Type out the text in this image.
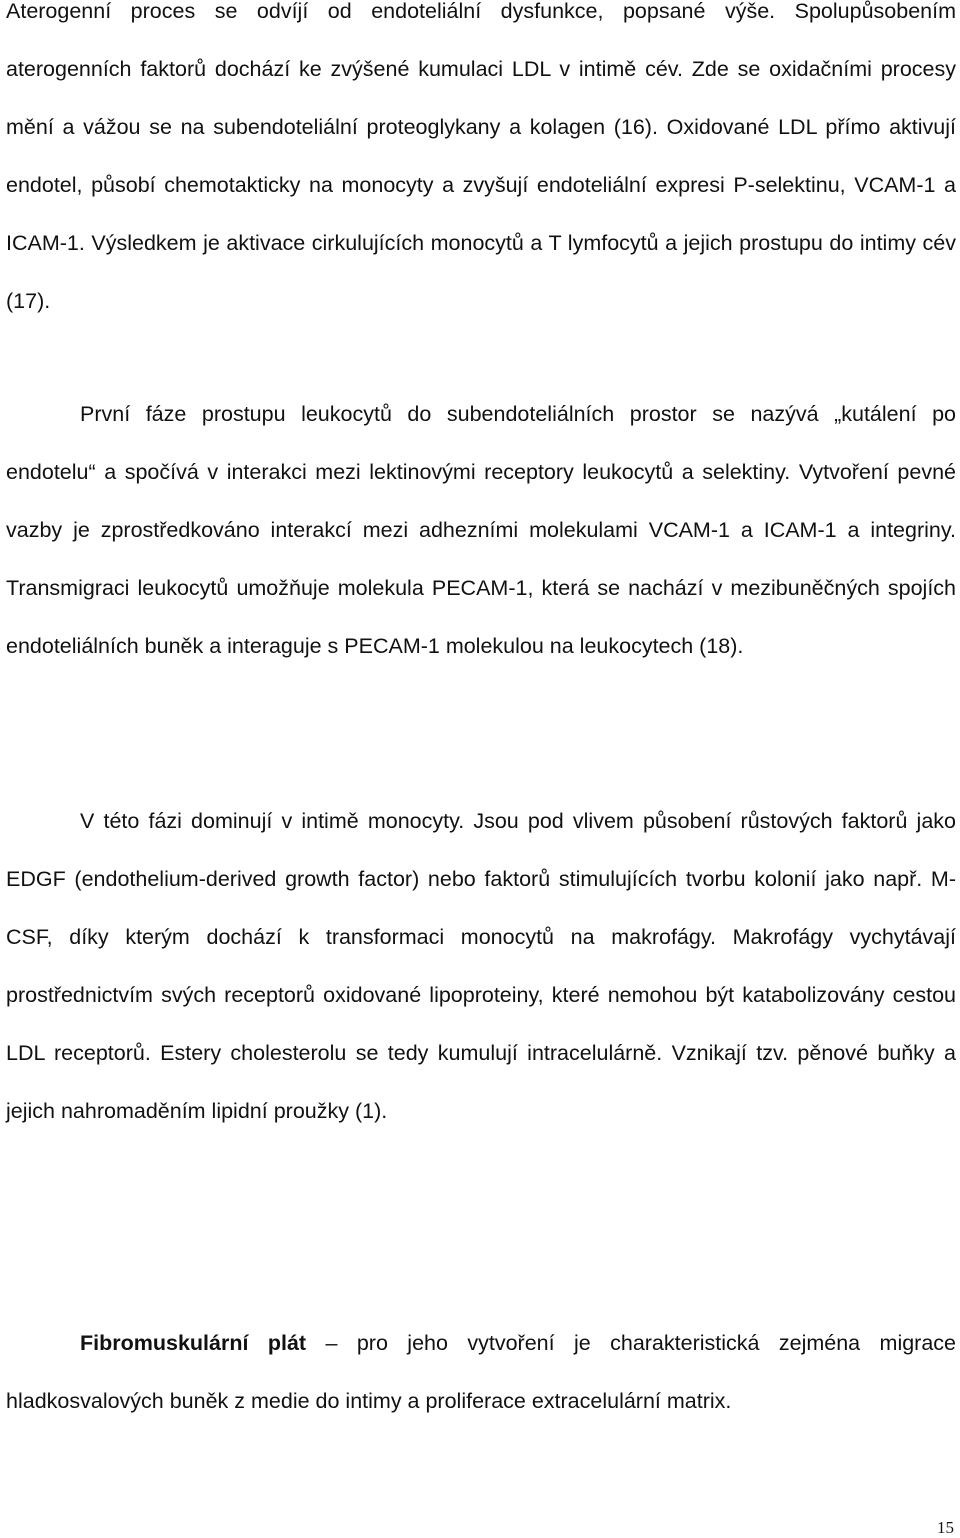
Aterogenní proces se odvíjí od endoteliální dysfunkce, popsané výše. Spolupůsobením aterogenních faktorů dochází ke zvýšené kumulaci LDL v intimě cév. Zde se oxidačními procesy mění a vážou se na subendoteliální proteoglykany a kolagen (16). Oxidované LDL přímo aktivují endotel, působí chemotakticky na monocyty a zvyšují endoteliální expresi P-selektinu, VCAM-1 a ICAM-1. Výsledkem je aktivace cirkulujících monocytů a T lymfocytů a jejich prostupu do intimy cév (17).

První fáze prostupu leukocytů do subendoteliálních prostor se nazývá „kutálení po endotelu“ a spočívá v interakci mezi lektinovými receptory leukocytů a selektiny. Vytvoření pevné vazby je zprostředkováno interakcí mezi adhezními molekulami VCAM-1 a ICAM-1 a integriny. Transmigraci leukocytů umožňuje molekula PECAM-1, která se nachází v mezibuněčných spojích endoteliálních buněk a interaguje s PECAM-1 molekulou na leukocytech (18).

V této fázi dominují v intimě monocyty. Jsou pod vlivem působení růstových faktorů jako EDGF (endothelium-derived growth factor) nebo faktorů stimulujících tvorbu kolonií jako např. M-CSF, díky kterým dochází k transformaci monocytů na makrofágy. Makrofágy vychytávají prostřednictvím svých receptorů oxidované lipoproteiny, které nemohou být katabolizovány cestou LDL receptorů. Estery cholesterolu se tedy kumulují intracelulárně. Vznikají tzv. pěnové buňky a jejich nahromaděním lipidní proužky (1).

Fibromuskulární plát – pro jeho vytvoření je charakteristická zejména migrace hladkosvalových buněk z medie do intimy a proliferace extracelulární matrix.

15
